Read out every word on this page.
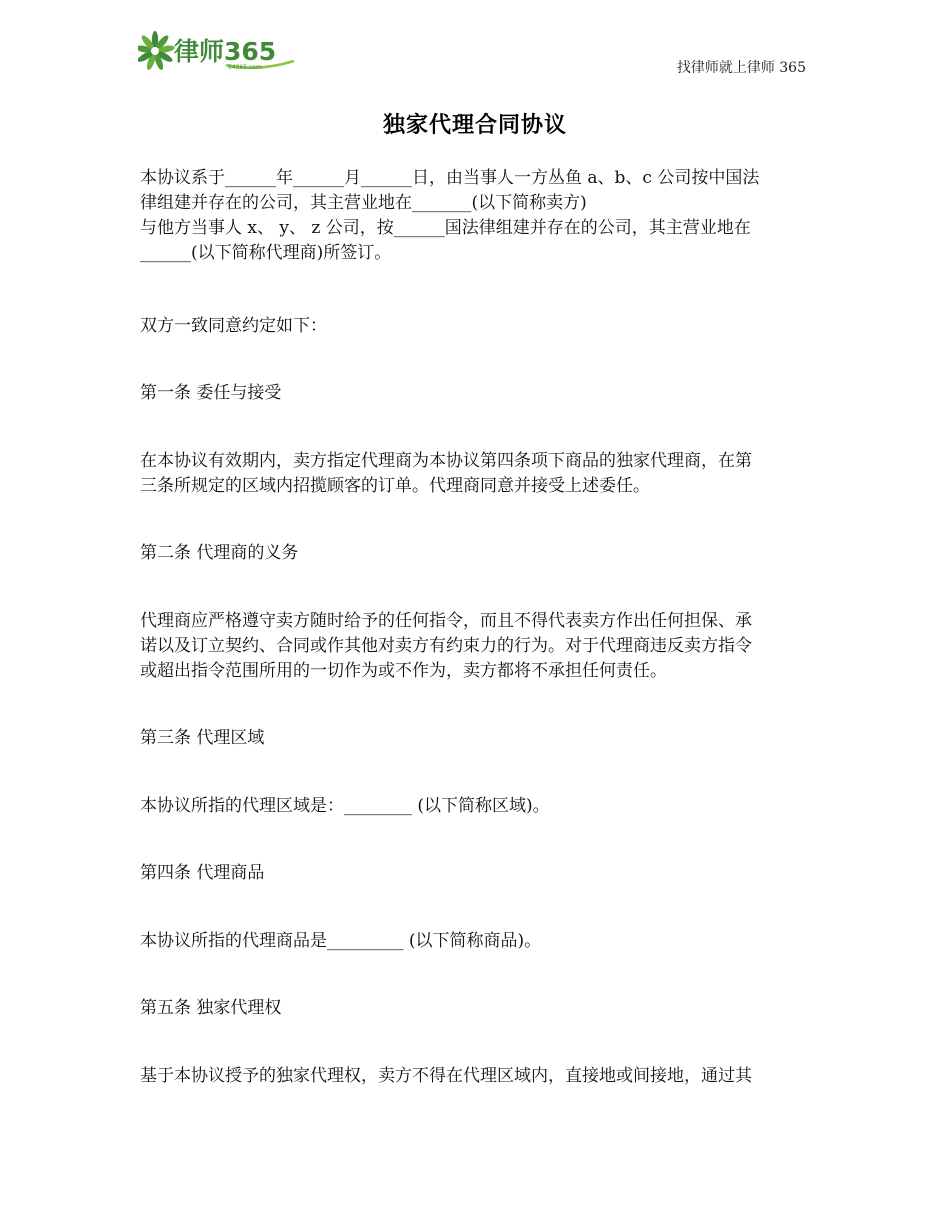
律师365
64365.com	找律师就上律师 365
独家代理合同协议

本协议系于______年______月______日，由当事人一方丛鱼 a、b、c 公司按中国法

律组建并存在的公司，其主营业地在_______(以下简称卖方)

与他方当事人 x、 y、 z 公司，按______国法律组建并存在的公司，其主营业地在

______(以下简称代理商)所签订。

双方一致同意约定如下：

第一条 委任与接受

在本协议有效期内，卖方指定代理商为本协议第四条项下商品的独家代理商，在第

三条所规定的区域内招揽顾客的订单。代理商同意并接受上述委任。

第二条 代理商的义务

代理商应严格遵守卖方随时给予的任何指令，而且不得代表卖方作出任何担保、承

诺以及订立契约、合同或作其他对卖方有约束力的行为。对于代理商违反卖方指令

或超出指令范围所用的一切作为或不作为，卖方都将不承担任何责任。

第三条 代理区域

本协议所指的代理区域是：________ (以下简称区域)。

第四条 代理商品

本协议所指的代理商品是_________ (以下简称商品)。

第五条 独家代理权

基于本协议授予的独家代理权，卖方不得在代理区域内，直接地或间接地，通过其
